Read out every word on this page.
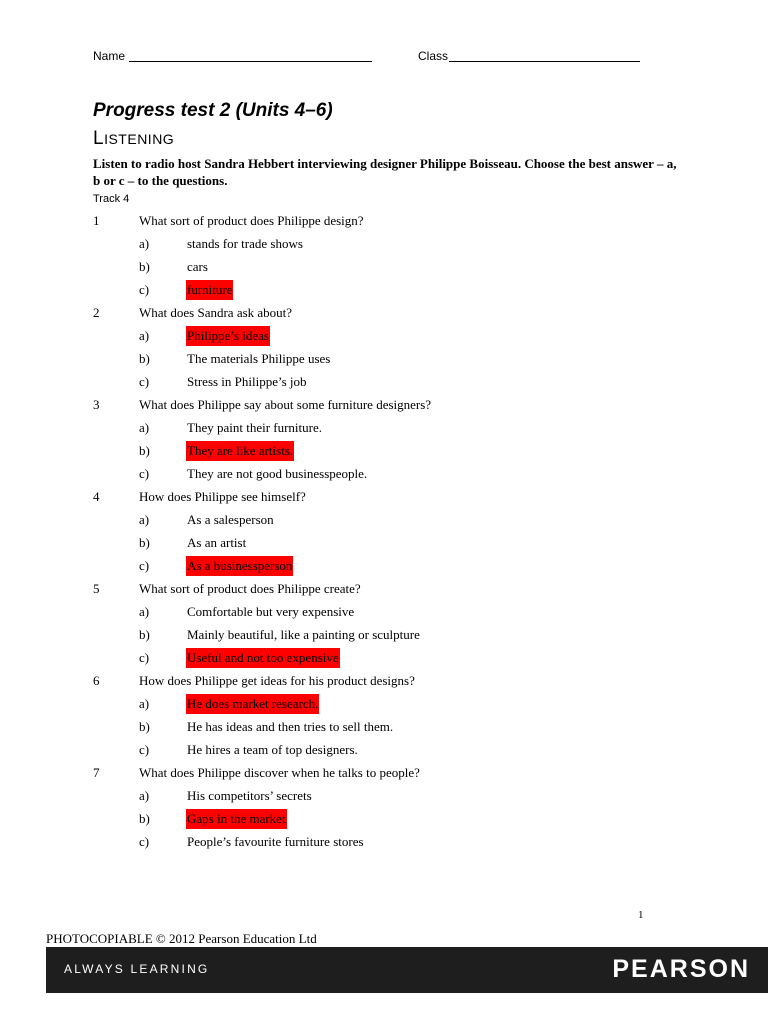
Name	Class
Progress test 2 (Units 4–6)
LISTENING
Listen to radio host Sandra Hebbert interviewing designer Philippe Boisseau. Choose the best answer – a, b or c – to the questions.
Track 4
1	What sort of product does Philippe design?
a)	stands for trade shows
b)	cars
c)	furniture
2	What does Sandra ask about?
a)	Philippe’s ideas
b)	The materials Philippe uses
c)	Stress in Philippe’s job
3	What does Philippe say about some furniture designers?
a)	They paint their furniture.
b)	They are like artists.
c)	They are not good businesspeople.
4	How does Philippe see himself?
a)	As a salesperson
b)	As an artist
c)	As a businessperson
5	What sort of product does Philippe create?
a)	Comfortable but very expensive
b)	Mainly beautiful, like a painting or sculpture
c)	Useful and not too expensive
6	How does Philippe get ideas for his product designs?
a)	He does market research.
b)	He has ideas and then tries to sell them.
c)	He hires a team of top designers.
7	What does Philippe discover when he talks to people?
a)	His competitors’ secrets
b)	Gaps in the market
c)	People’s favourite furniture stores
1
PHOTOCOPIABLE © 2012 Pearson Education Ltd
ALWAYS LEARNING	PEARSON
